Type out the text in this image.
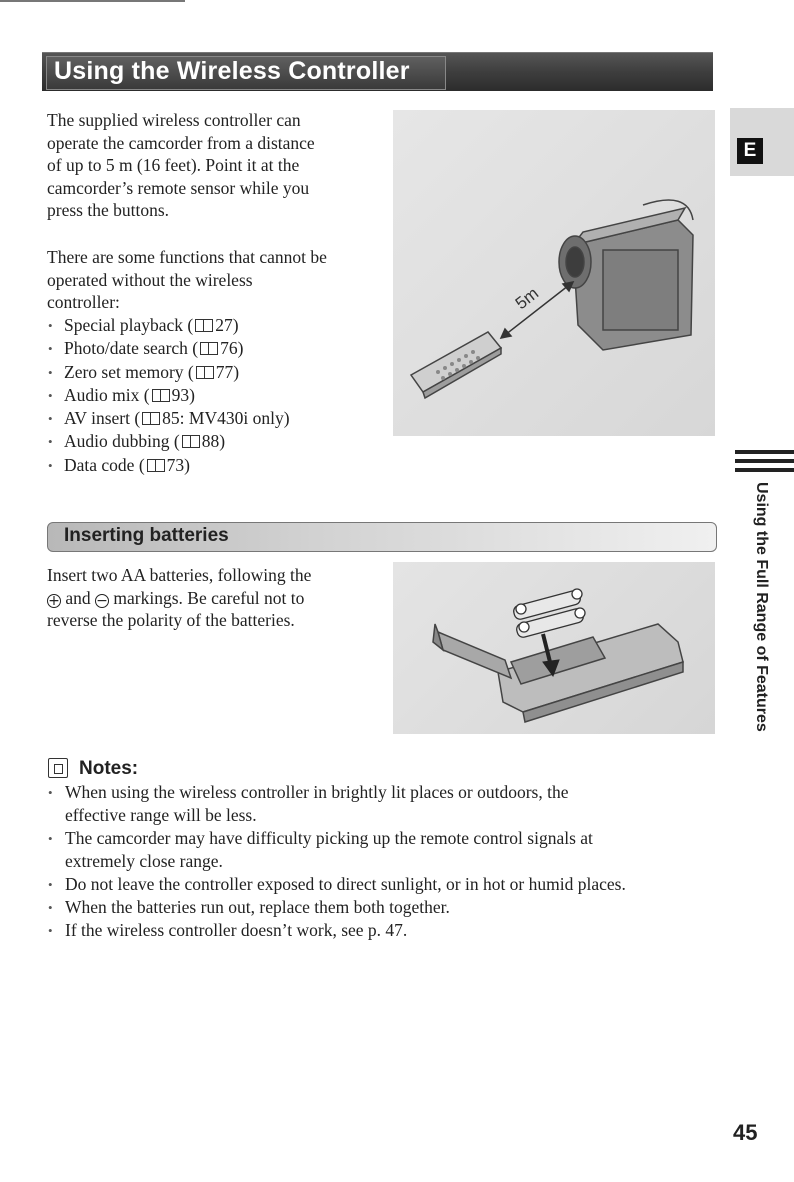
Using the Wireless Controller
E
Using the Full Range of Features

The supplied wireless controller can
operate the camcorder from a distance
of up to 5 m (16 feet). Point it at the
camcorder’s remote sensor while you
press the buttons.

There are some functions that cannot be
operated without the wireless
controller:

• Special playback ( 27)
• Photo/date search ( 76)
• Zero set memory ( 77)
• Audio mix ( 93)
• AV insert ( 85: MV430i only)
• Audio dubbing ( 88)
• Data code ( 73)
5m
Inserting batteries

Insert two AA batteries, following the
+ and − markings. Be careful not to
reverse the polarity of the batteries.

Notes:
• When using the wireless controller in brightly lit places or outdoors, the
effective range will be less.
• The camcorder may have difficulty picking up the remote control signals at
extremely close range.
• Do not leave the controller exposed to direct sunlight, or in hot or humid places.
• When the batteries run out, replace them both together.
• If the wireless controller doesn’t work, see p. 47.
45
